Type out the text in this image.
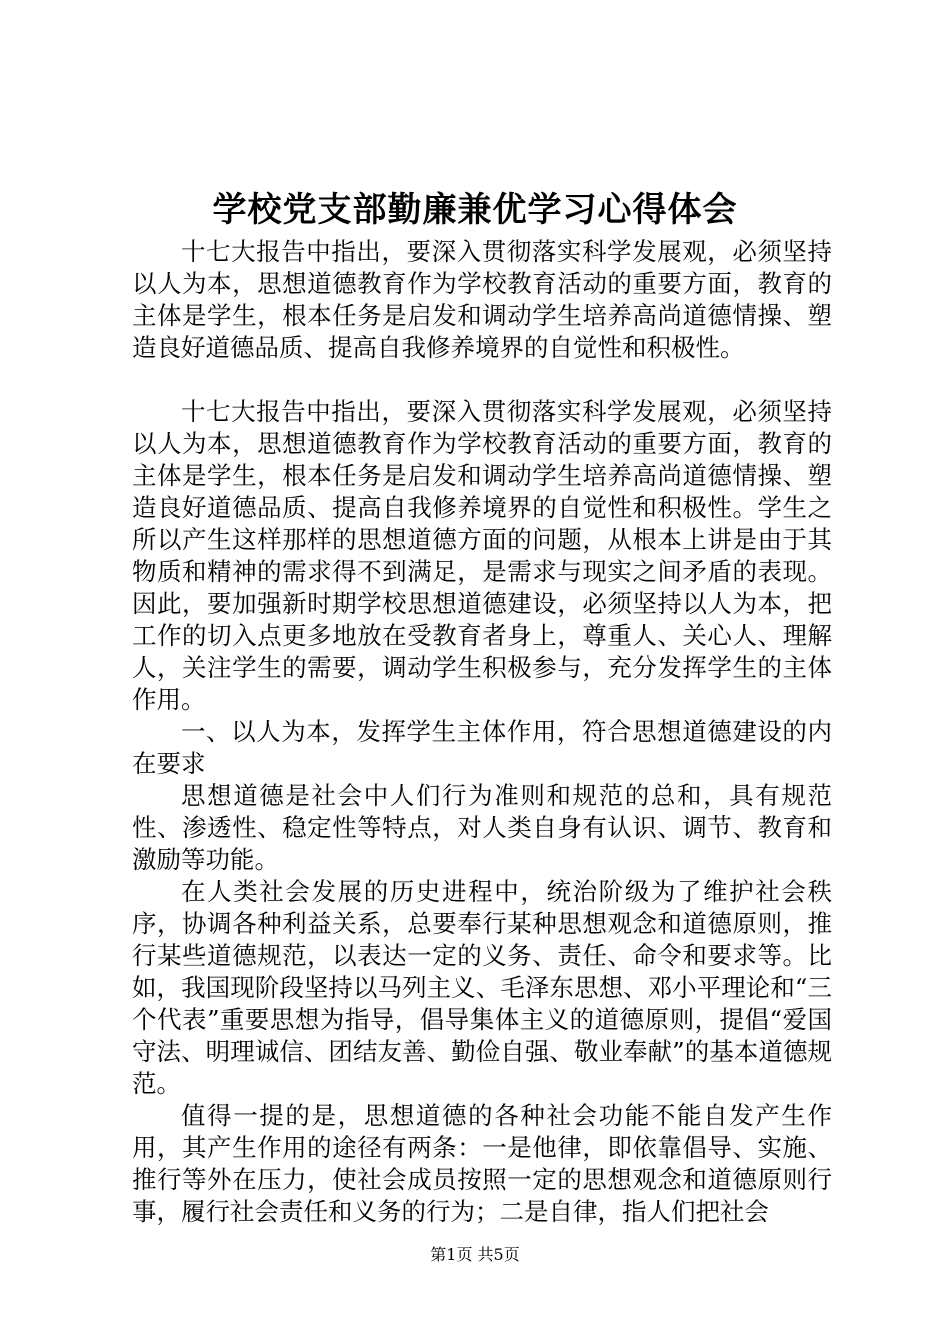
学校党支部勤廉兼优学习心得体会

十七大报告中指出，要深入贯彻落实科学发展观，必须坚持以人为本，思想道德教育作为学校教育活动的重要方面，教育的主体是学生，根本任务是启发和调动学生培养高尚道德情操、塑造良好道德品质、提高自我修养境界的自觉性和积极性。

十七大报告中指出，要深入贯彻落实科学发展观，必须坚持以人为本，思想道德教育作为学校教育活动的重要方面，教育的主体是学生，根本任务是启发和调动学生培养高尚道德情操、塑造良好道德品质、提高自我修养境界的自觉性和积极性。学生之所以产生这样那样的思想道德方面的问题，从根本上讲是由于其物质和精神的需求得不到满足，是需求与现实之间矛盾的表现。因此，要加强新时期学校思想道德建设，必须坚持以人为本，把工作的切入点更多地放在受教育者身上，尊重人、关心人、理解人，关注学生的需要，调动学生积极参与，充分发挥学生的主体作用。

一、以人为本，发挥学生主体作用，符合思想道德建设的内在要求

思想道德是社会中人们行为准则和规范的总和，具有规范性、渗透性、稳定性等特点，对人类自身有认识、调节、教育和激励等功能。

在人类社会发展的历史进程中，统治阶级为了维护社会秩序，协调各种利益关系，总要奉行某种思想观念和道德原则，推行某些道德规范，以表达一定的义务、责任、命令和要求等。比如，我国现阶段坚持以马列主义、毛泽东思想、邓小平理论和“三个代表”重要思想为指导，倡导集体主义的道德原则，提倡“爱国守法、明理诚信、团结友善、勤俭自强、敬业奉献”的基本道德规范。

值得一提的是，思想道德的各种社会功能不能自发产生作用，其产生作用的途径有两条：一是他律，即依靠倡导、实施、推行等外在压力，使社会成员按照一定的思想观念和道德原则行事，履行社会责任和义务的行为；二是自律，指人们把社会

第1页 共5页
